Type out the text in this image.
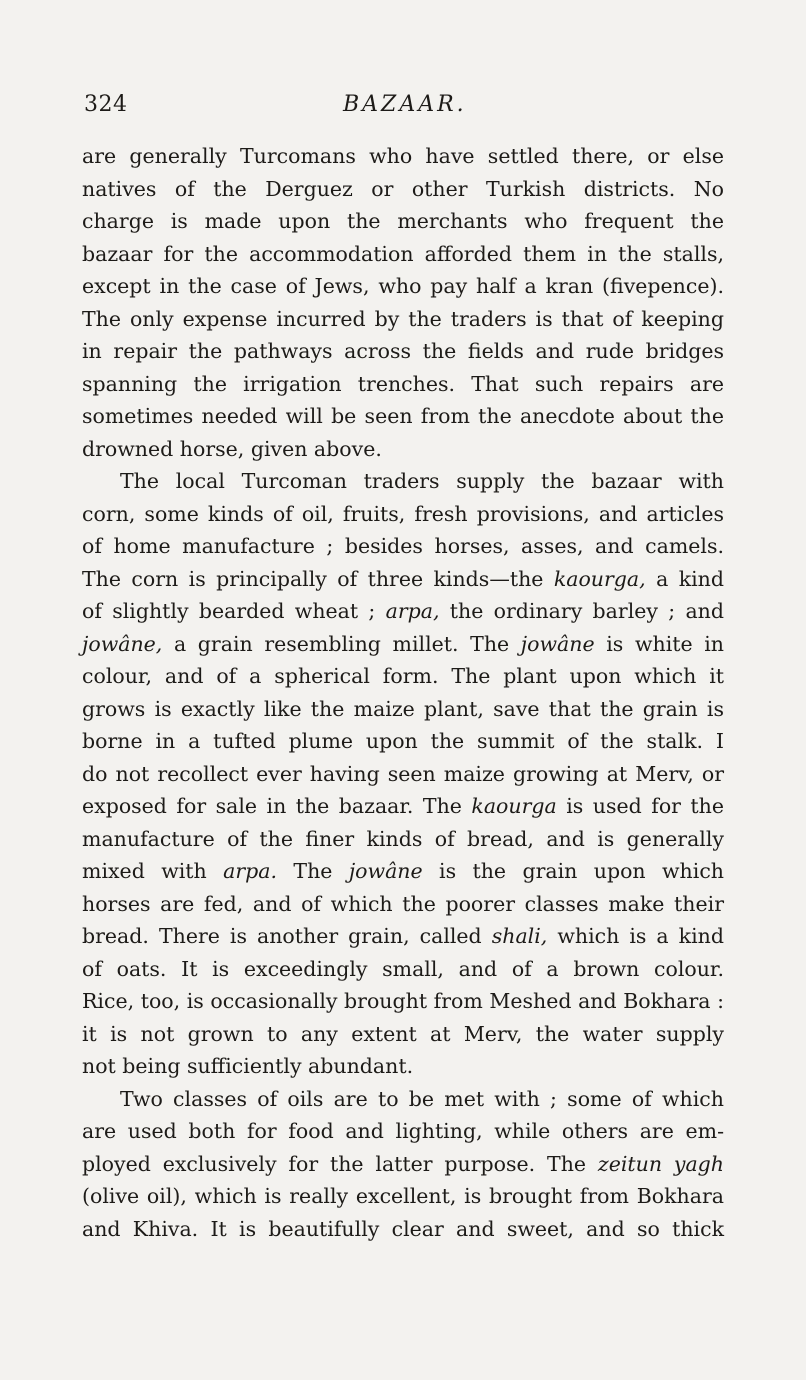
324	BAZAAR.
are generally Turcomans who have settled there, or else
natives of the Derguez or other Turkish districts. No
charge is made upon the merchants who frequent the
bazaar for the accommodation afforded them in the stalls,
except in the case of Jews, who pay half a kran (fivepence).
The only expense incurred by the traders is that of keeping
in repair the pathways across the fields and rude bridges
spanning the irrigation trenches. That such repairs are
sometimes needed will be seen from the anecdote about the
drowned horse, given above.
The local Turcoman traders supply the bazaar with
corn, some kinds of oil, fruits, fresh provisions, and articles
of home manufacture ; besides horses, asses, and camels.
The corn is principally of three kinds—the kaourga, a kind
of slightly bearded wheat ; arpa, the ordinary barley ; and
jowâne, a grain resembling millet. The jowâne is white in
colour, and of a spherical form. The plant upon which it
grows is exactly like the maize plant, save that the grain is
borne in a tufted plume upon the summit of the stalk. I
do not recollect ever having seen maize growing at Merv, or
exposed for sale in the bazaar. The kaourga is used for the
manufacture of the finer kinds of bread, and is generally
mixed with arpa. The jowâne is the grain upon which
horses are fed, and of which the poorer classes make their
bread. There is another grain, called shali, which is a kind
of oats. It is exceedingly small, and of a brown colour.
Rice, too, is occasionally brought from Meshed and Bokhara :
it is not grown to any extent at Merv, the water supply
not being sufficiently abundant.
Two classes of oils are to be met with ; some of which
are used both for food and lighting, while others are em-
ployed exclusively for the latter purpose. The zeitun yagh
(olive oil), which is really excellent, is brought from Bokhara
and Khiva. It is beautifully clear and sweet, and so thick
